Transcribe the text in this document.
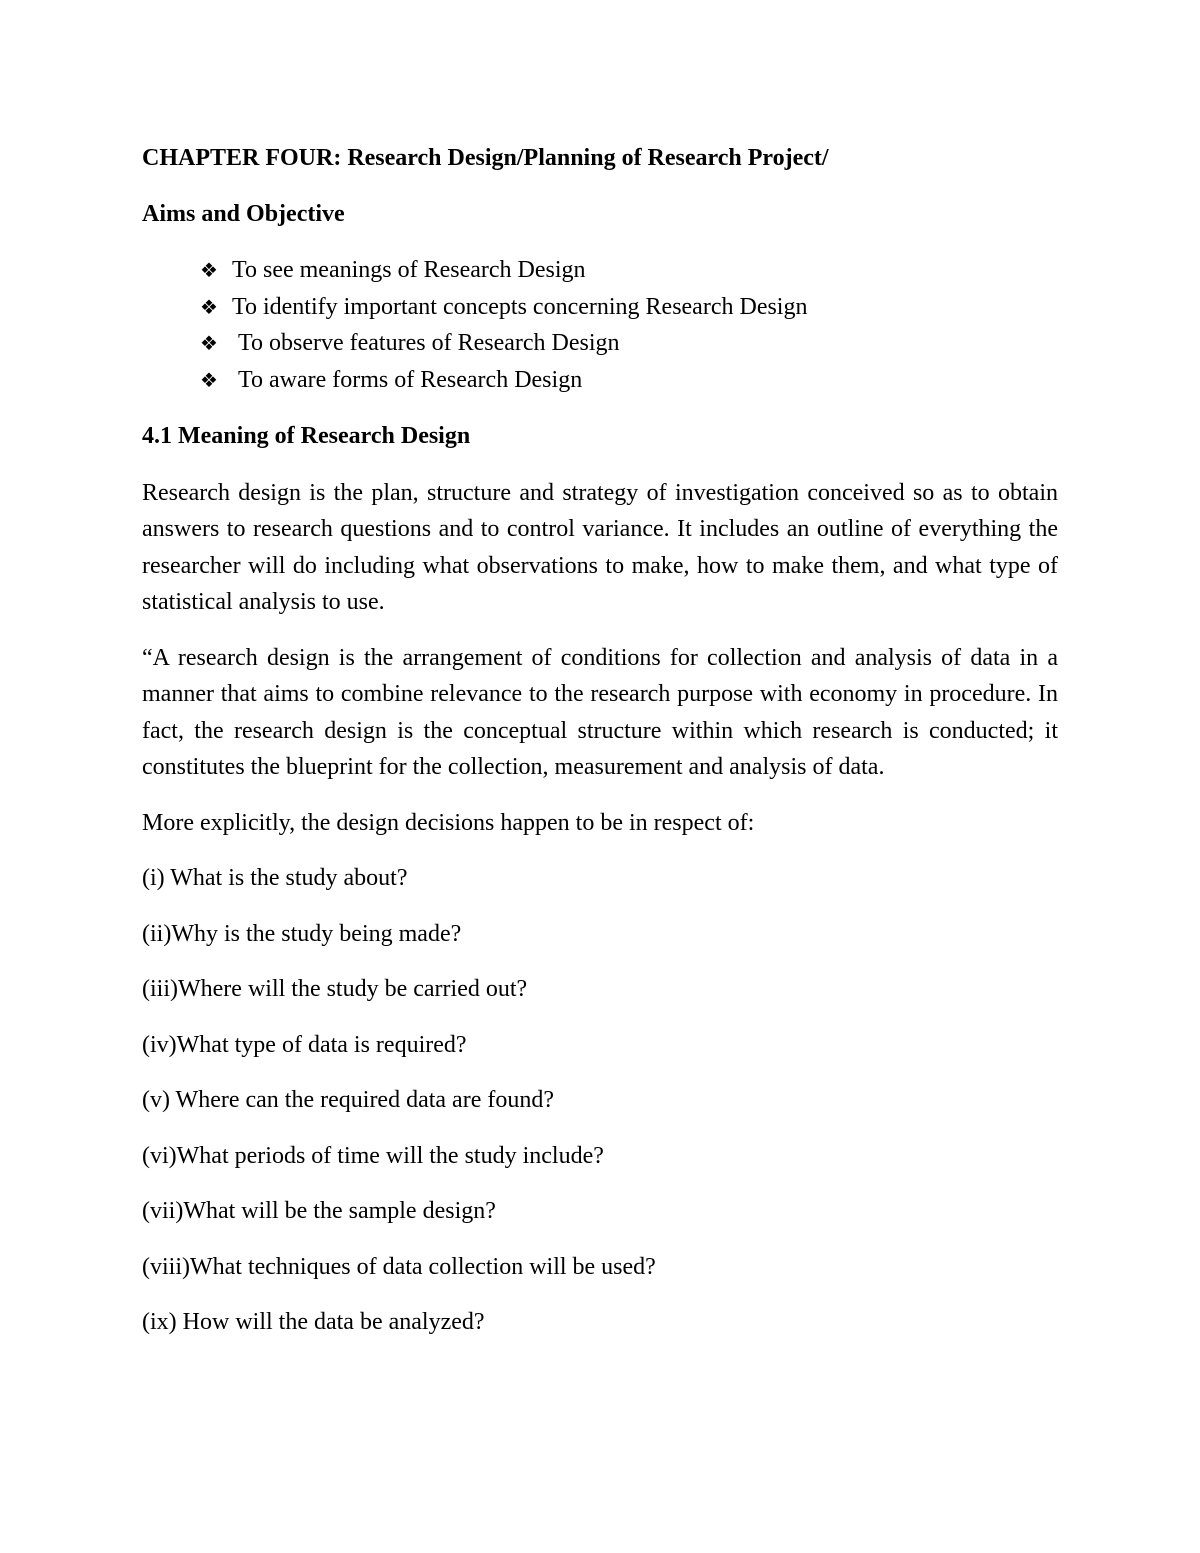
CHAPTER FOUR: Research Design/Planning of Research Project/
Aims and Objective
❖ To see meanings of Research Design
❖ To identify important concepts concerning Research Design
❖ To observe features of Research Design
❖ To aware forms of Research Design
4.1 Meaning of Research Design

Research design is the plan, structure and strategy of investigation conceived so as to obtain answers to research questions and to control variance. It includes an outline of everything the researcher will do including what observations to make, how to make them, and what type of statistical analysis to use.

“A research design is the arrangement of conditions for collection and analysis of data in a manner that aims to combine relevance to the research purpose with economy in procedure. In fact, the research design is the conceptual structure within which research is conducted; it constitutes the blueprint for the collection, measurement and analysis of data.

More explicitly, the design decisions happen to be in respect of:

(i) What is the study about?

(ii)Why is the study being made?

(iii)Where will the study be carried out?

(iv)What type of data is required?

(v) Where can the required data are found?

(vi)What periods of time will the study include?

(vii)What will be the sample design?

(viii)What techniques of data collection will be used?

(ix) How will the data be analyzed?
